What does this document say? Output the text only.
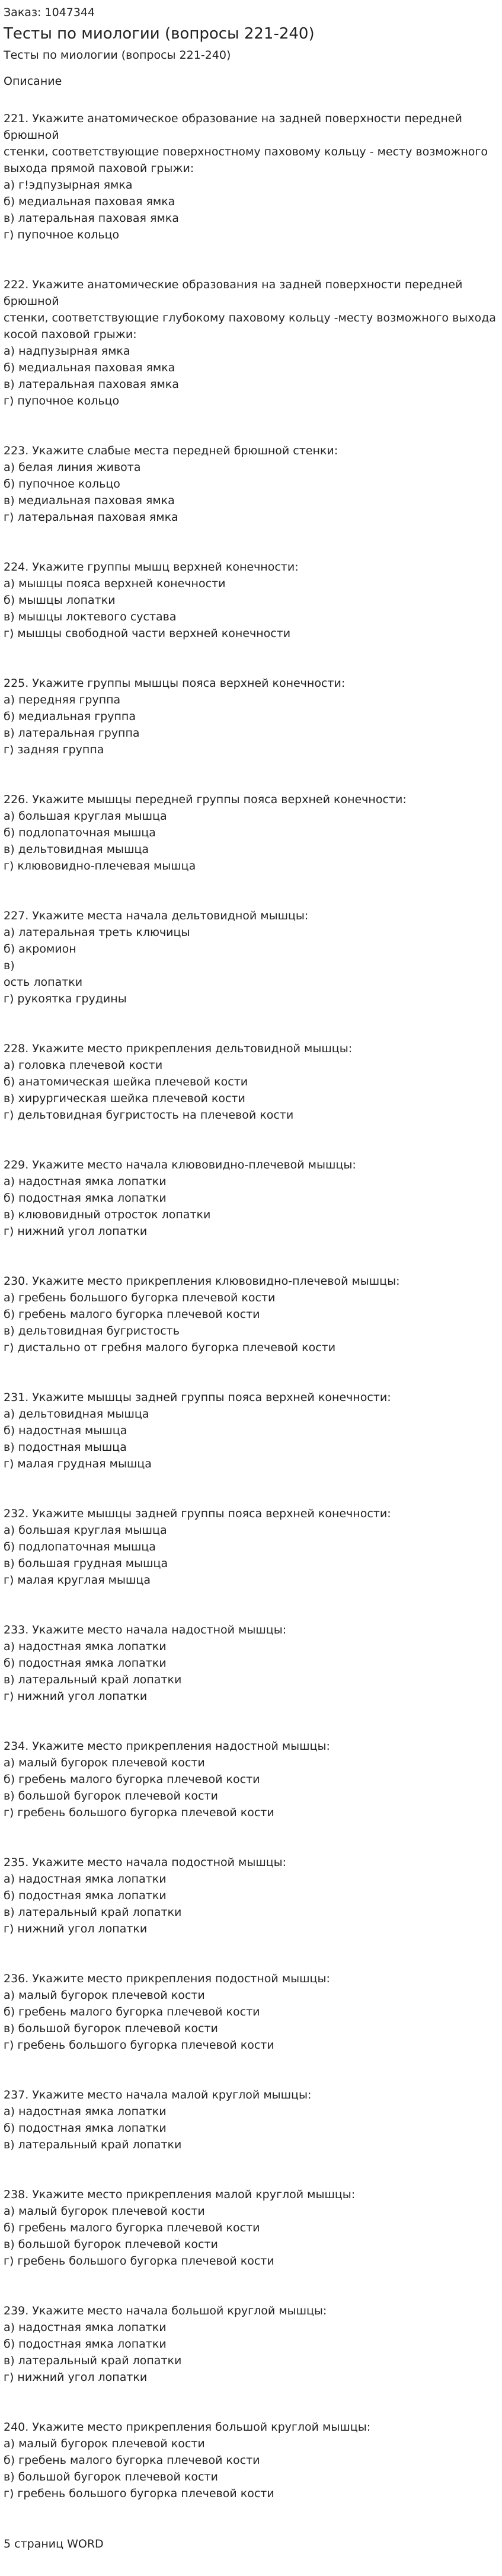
Заказ: 1047344

Тесты по миологии (вопросы 221-240)

Тесты по миологии (вопросы 221-240)

Описание

221. Укажите анатомическое образование на задней поверхности передней брюшной
стенки, соответствующие поверхностному паховому кольцу - месту возможного
выхода прямой паховой грыжи:
а) г!эдпузырная ямка
б) медиальная паховая ямка
в) латеральная паховая ямка
г) пупочное кольцо
222. Укажите анатомические образования на задней поверхности передней брюшной
стенки, соответствующие глубокому паховому кольцу -месту возможного выхода
косой паховой грыжи:
а) надпузырная ямка
б) медиальная паховая ямка
в) латеральная паховая ямка
г) пупочное кольцо
223. Укажите слабые места передней брюшной стенки:
а) белая линия живота
б) пупочное кольцо
в) медиальная паховая ямка
г) латеральная паховая ямка
224. Укажите группы мышц верхней конечности:
а) мышцы пояса верхней конечности
б) мышцы лопатки
в) мышцы локтевого сустава
г) мышцы свободной части верхней конечности
225. Укажите группы мышцы пояса верхней конечности:
а) передняя группа
б) медиальная группа
в) латеральная группа
г) задняя группа
226. Укажите мышцы передней группы пояса верхней конечности:
а) большая круглая мышца
б) подлопаточная мышца
в) дельтовидная мышца
г) клювовидно-плечевая мышца
227. Укажите места начала дельтовидной мышцы:
а) латеральная треть ключицы
б) акромион
в)
ость лопатки
г) рукоятка грудины
228. Укажите место прикрепления дельтовидной мышцы:
а) головка плечевой кости
б) анатомическая шейка плечевой кости
в) хирургическая шейка плечевой кости
г) дельтовидная бугристость на плечевой кости
229. Укажите место начала клювовидно-плечевой мышцы:
а) надостная ямка лопатки
б) подостная ямка лопатки
в) клювовидный отросток лопатки
г) нижний угол лопатки
230. Укажите место прикрепления клювовидно-плечевой мышцы:
а) гребень большого бугорка плечевой кости
б) гребень малого бугорка плечевой кости
в) дельтовидная бугристость
г) дистально от гребня малого бугорка плечевой кости
231. Укажите мышцы задней группы пояса верхней конечности:
а) дельтовидная мышца
б) надостная мышца
в) подостная мышца
г) малая грудная мышца
232. Укажите мышцы задней группы пояса верхней конечности:
а) большая круглая мышца
б) подлопаточная мышца
в) большая грудная мышца
г) малая круглая мышца
233. Укажите место начала надостной мышцы:
а) надостная ямка лопатки
б) подостная ямка лопатки
в) латеральный край лопатки
г) нижний угол лопатки
234. Укажите место прикрепления надостной мышцы:
а) малый бугорок плечевой кости
б) гребень малого бугорка плечевой кости
в) большой бугорок плечевой кости
г) гребень большого бугорка плечевой кости
235. Укажите место начала подостной мышцы:
а) надостная ямка лопатки
б) подостная ямка лопатки
в) латеральный край лопатки
г) нижний угол лопатки
236. Укажите место прикрепления подостной мышцы:
а) малый бугорок плечевой кости
б) гребень малого бугорка плечевой кости
в) большой бугорок плечевой кости
г) гребень большого бугорка плечевой кости
237. Укажите место начала малой круглой мышцы:
а) надостная ямка лопатки
б) подостная ямка лопатки
в) латеральный край лопатки
238. Укажите место прикрепления малой круглой мышцы:
а) малый бугорок плечевой кости
б) гребень малого бугорка плечевой кости
в) большой бугорок плечевой кости
г) гребень большого бугорка плечевой кости
239. Укажите место начала большой круглой мышцы:
а) надостная ямка лопатки
б) подостная ямка лопатки
в) латеральный край лопатки
г) нижний угол лопатки
240. Укажите место прикрепления большой круглой мышцы:
а) малый бугорок плечевой кости
б) гребень малого бугорка плечевой кости
в) большой бугорок плечевой кости
г) гребень большого бугорка плечевой кости

5 страниц WORD
